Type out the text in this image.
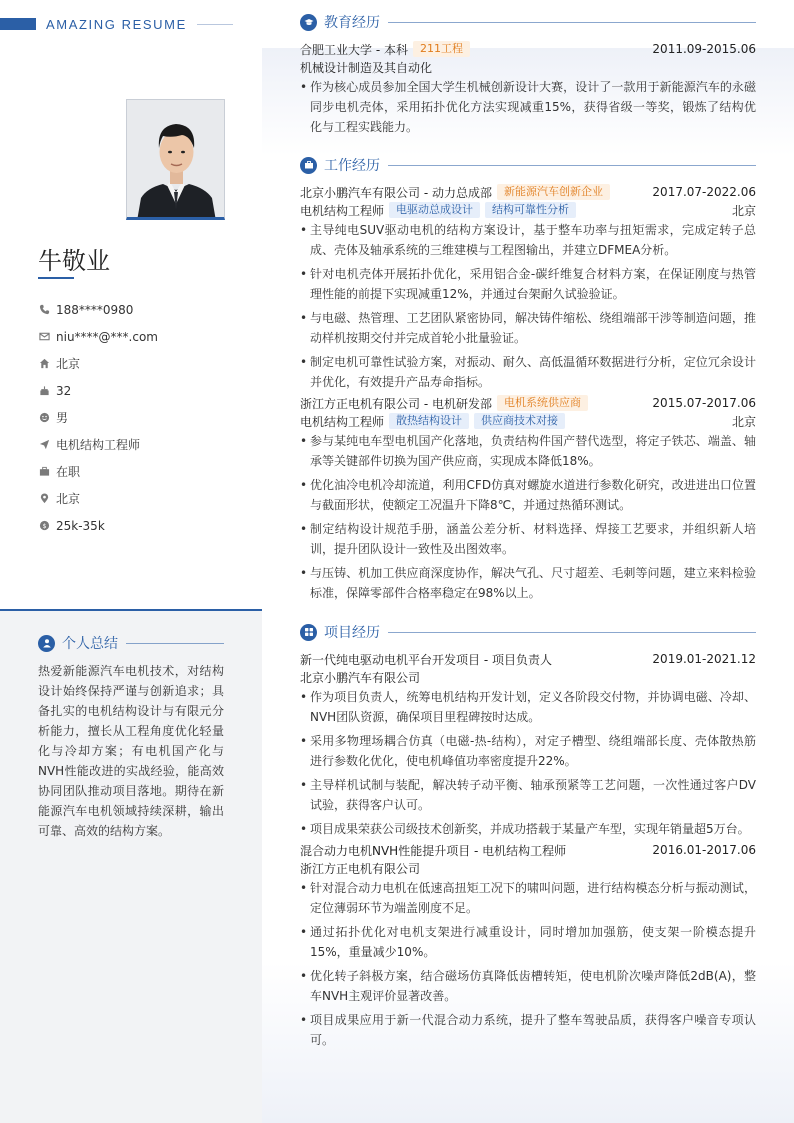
AMAZING RESUME
牛敬业
188****0980
niu****@***.com
北京
32
男
电机结构工程师
在职
北京
$ 25k-35k
个人总结
热爱新能源汽车电机技术，对结构设计始终保持严谨与创新追求；具备扎实的电机结构设计与有限元分析能力，擅长从工程角度优化轻量化与冷却方案；有电机国产化与NVH性能改进的实战经验，能高效协同团队推动项目落地。期待在新能源汽车电机领域持续深耕，输出可靠、高效的结构方案。
教育经历
合肥工业大学 - 本科	211工程	2011.09-2015.06
机械设计制造及其自动化
• 作为核心成员参加全国大学生机械创新设计大赛，设计了一款用于新能源汽车的永磁同步电机壳体，采用拓扑优化方法实现减重15%，获得省级一等奖，锻炼了结构优化与工程实践能力。
工作经历
北京小鹏汽车有限公司 - 动力总成部	新能源汽车创新企业	2017.07-2022.06
电机结构工程师	电驱动总成设计	结构可靠性分析	北京
• 主导纯电SUV驱动电机的结构方案设计，基于整车功率与扭矩需求，完成定转子总成、壳体及轴承系统的三维建模与工程图输出，并建立DFMEA分析。
• 针对电机壳体开展拓扑优化，采用铝合金-碳纤维复合材料方案，在保证刚度与热管理性能的前提下实现减重12%，并通过台架耐久试验验证。
• 与电磁、热管理、工艺团队紧密协同，解决铸件缩松、绕组端部干涉等制造问题，推动样机按期交付并完成首轮小批量验证。
• 制定电机可靠性试验方案，对振动、耐久、高低温循环数据进行分析，定位冗余设计并优化，有效提升产品寿命指标。
浙江方正电机有限公司 - 电机研发部	电机系统供应商	2015.07-2017.06
电机结构工程师	散热结构设计	供应商技术对接	北京
• 参与某纯电车型电机国产化落地，负责结构件国产替代选型，将定子铁芯、端盖、轴承等关键部件切换为国产供应商，实现成本降低18%。
• 优化油冷电机冷却流道，利用CFD仿真对螺旋水道进行参数化研究，改进进出口位置与截面形状，使额定工况温升下降8℃，并通过热循环测试。
• 制定结构设计规范手册，涵盖公差分析、材料选择、焊接工艺要求，并组织新人培训，提升团队设计一致性及出图效率。
• 与压铸、机加工供应商深度协作，解决气孔、尺寸超差、毛刺等问题，建立来料检验标准，保障零部件合格率稳定在98%以上。
项目经历
新一代纯电驱动电机平台开发项目 - 项目负责人	2019.01-2021.12
北京小鹏汽车有限公司
• 作为项目负责人，统筹电机结构开发计划，定义各阶段交付物，并协调电磁、冷却、NVH团队资源，确保项目里程碑按时达成。
• 采用多物理场耦合仿真（电磁-热-结构），对定子槽型、绕组端部长度、壳体散热筋进行参数化优化，使电机峰值功率密度提升22%。
• 主导样机试制与装配，解决转子动平衡、轴承预紧等工艺问题，一次性通过客户DV试验，获得客户认可。
• 项目成果荣获公司级技术创新奖，并成功搭载于某量产车型，实现年销量超5万台。
混合动力电机NVH性能提升项目 - 电机结构工程师	2016.01-2017.06
浙江方正电机有限公司
• 针对混合动力电机在低速高扭矩工况下的啸叫问题，进行结构模态分析与振动测试，定位薄弱环节为端盖刚度不足。
• 通过拓扑优化对电机支架进行减重设计，同时增加加强筋，使支架一阶模态提升15%，重量减少10%。
• 优化转子斜极方案，结合磁场仿真降低齿槽转矩，使电机阶次噪声降低2dB(A)，整车NVH主观评价显著改善。
• 项目成果应用于新一代混合动力系统，提升了整车驾驶品质，获得客户噪音专项认可。
